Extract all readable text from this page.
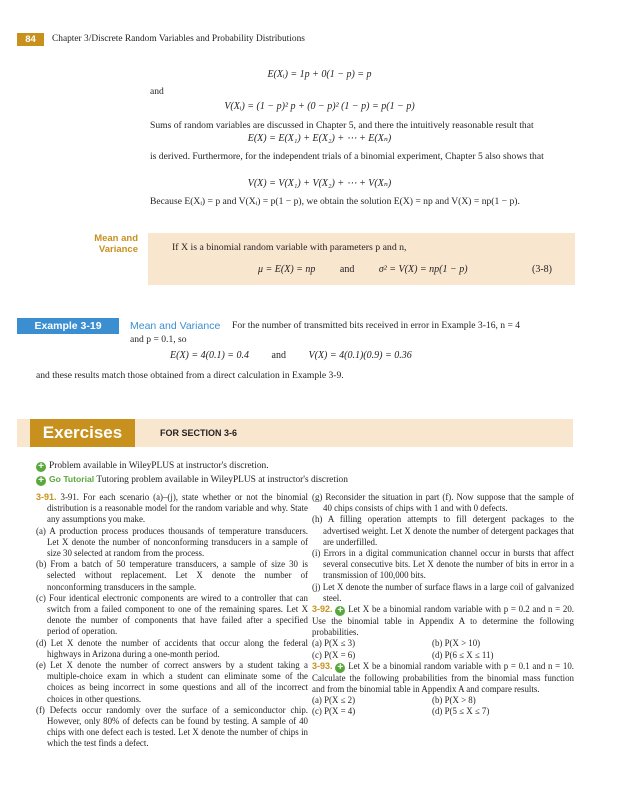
84	Chapter 3/Discrete Random Variables and Probability Distributions
E(Xᵢ) = 1p + 0(1 − p) = p
and
V(Xᵢ) = (1 − p)² p + (0 − p)² (1 − p) = p(1 − p)
Sums of random variables are discussed in Chapter 5, and there the intuitively reasonable result that
E(X) = E(X₁) + E(X₂) + ⋯ + E(Xₙ)
is derived. Furthermore, for the independent trials of a binomial experiment, Chapter 5 also shows that
V(X) = V(X₁) + V(X₂) + ⋯ + V(Xₙ)
Because E(Xᵢ) = p and V(Xᵢ) = p(1 − p), we obtain the solution E(X) = np and V(X) = np(1 − p).
Mean and
Variance	If X is a binomial random variable with parameters p and n,
μ = E(X) = np and σ² = V(X) = np(1 − p)	(3-8)
Example 3-19	Mean and Variance For the number of transmitted bits received in error in Example 3-16, n = 4
and p = 0.1, so
E(X) = 4(0.1) = 0.4 and V(X) = 4(0.1)(0.9) = 0.36
and these results match those obtained from a direct calculation in Example 3-9.
Exercises	FOR SECTION 3-6
+ Problem available in WileyPLUS at instructor's discretion.
+ Go Tutorial Tutoring problem available in WileyPLUS at instructor's discretion

3-91. 3-91. For each scenario (a)–(j), state whether or not the binomial distribution is a reasonable model for the random variable and why. State any assumptions you make.

(a) A production process produces thousands of temperature transducers. Let X denote the number of nonconforming transducers in a sample of size 30 selected at random from the process.

(b) From a batch of 50 temperature transducers, a sample of size 30 is selected without replacement. Let X denote the number of nonconforming transducers in the sample.

(c) Four identical electronic components are wired to a controller that can switch from a failed component to one of the remaining spares. Let X denote the number of components that have failed after a specified period of operation.

(d) Let X denote the number of accidents that occur along the federal highways in Arizona during a one-month period.

(e) Let X denote the number of correct answers by a student taking a multiple-choice exam in which a student can eliminate some of the choices as being incorrect in some questions and all of the incorrect choices in other questions.

(f) Defects occur randomly over the surface of a semiconductor chip. However, only 80% of defects can be found by testing. A sample of 40 chips with one defect each is tested. Let X denote the number of chips in which the test finds a defect.

(g) Reconsider the situation in part (f). Now suppose that the sample of 40 chips consists of chips with 1 and with 0 defects.

(h) A filling operation attempts to fill detergent packages to the advertised weight. Let X denote the number of detergent packages that are underfilled.

(i) Errors in a digital communication channel occur in bursts that affect several consecutive bits. Let X denote the number of bits in error in a transmission of 100,000 bits.

(j) Let X denote the number of surface flaws in a large coil of galvanized steel.

3-92. + Let X be a binomial random variable with p = 0.2 and n = 20. Use the binomial table in Appendix A to determine the following probabilities.

(a) P(X ≤ 3)	(b) P(X > 10)
(c) P(X = 6)	(d) P(6 ≤ X ≤ 11)

3-93. + Let X be a binomial random variable with p = 0.1 and n = 10. Calculate the following probabilities from the binomial mass function and from the binomial table in Appendix A and compare results.

(a) P(X ≤ 2)	(b) P(X > 8)
(c) P(X = 4)	(d) P(5 ≤ X ≤ 7)
